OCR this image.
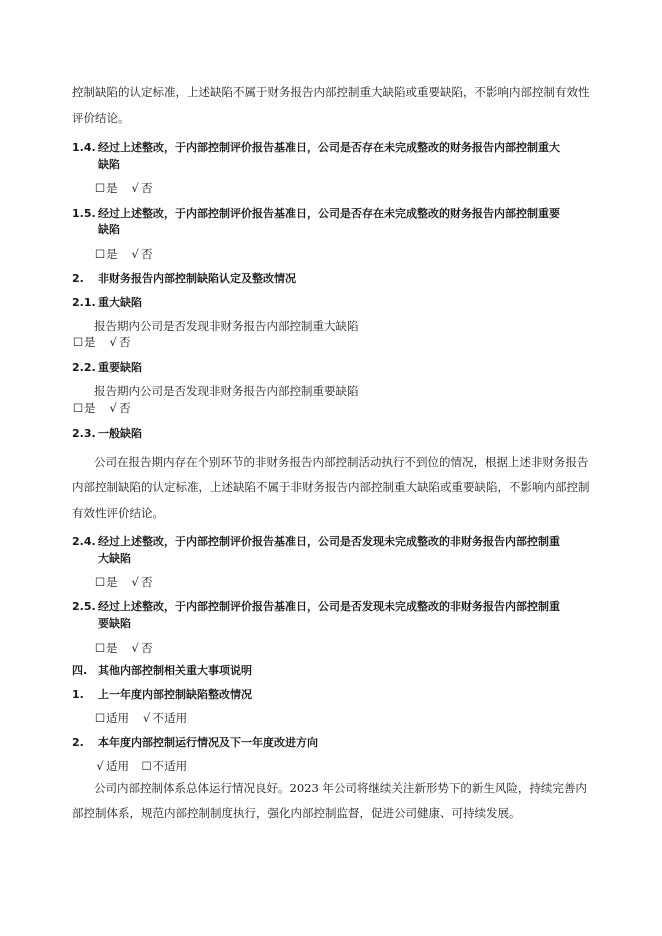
控制缺陷的认定标准，上述缺陷不属于财务报告内部控制重大缺陷或重要缺陷，不影响内部控制有效性
评价结论。
1.4. 经过上述整改，于内部控制评价报告基准日，公司是否存在未完成整改的财务报告内部控制重大
缺陷
☐是 √ 否
1.5. 经过上述整改，于内部控制评价报告基准日，公司是否存在未完成整改的财务报告内部控制重要
缺陷
☐是 √ 否
2. 非财务报告内部控制缺陷认定及整改情况
2.1. 重大缺陷
报告期内公司是否发现非财务报告内部控制重大缺陷
☐是 √ 否
2.2. 重要缺陷
报告期内公司是否发现非财务报告内部控制重要缺陷
☐是 √ 否
2.3. 一般缺陷
公司在报告期内存在个别环节的非财务报告内部控制活动执行不到位的情况，根据上述非财务报告
内部控制缺陷的认定标准，上述缺陷不属于非财务报告内部控制重大缺陷或重要缺陷，不影响内部控制
有效性评价结论。
2.4. 经过上述整改，于内部控制评价报告基准日，公司是否发现未完成整改的非财务报告内部控制重
大缺陷
☐是 √ 否
2.5. 经过上述整改，于内部控制评价报告基准日，公司是否发现未完成整改的非财务报告内部控制重
要缺陷
☐是 √ 否
四. 其他内部控制相关重大事项说明
1. 上一年度内部控制缺陷整改情况
☐适用 √ 不适用
2. 本年度内部控制运行情况及下一年度改进方向
√ 适用 ☐不适用
公司内部控制体系总体运行情况良好。2023 年公司将继续关注新形势下的新生风险，持续完善内
部控制体系，规范内部控制制度执行，强化内部控制监督，促进公司健康、可持续发展。
